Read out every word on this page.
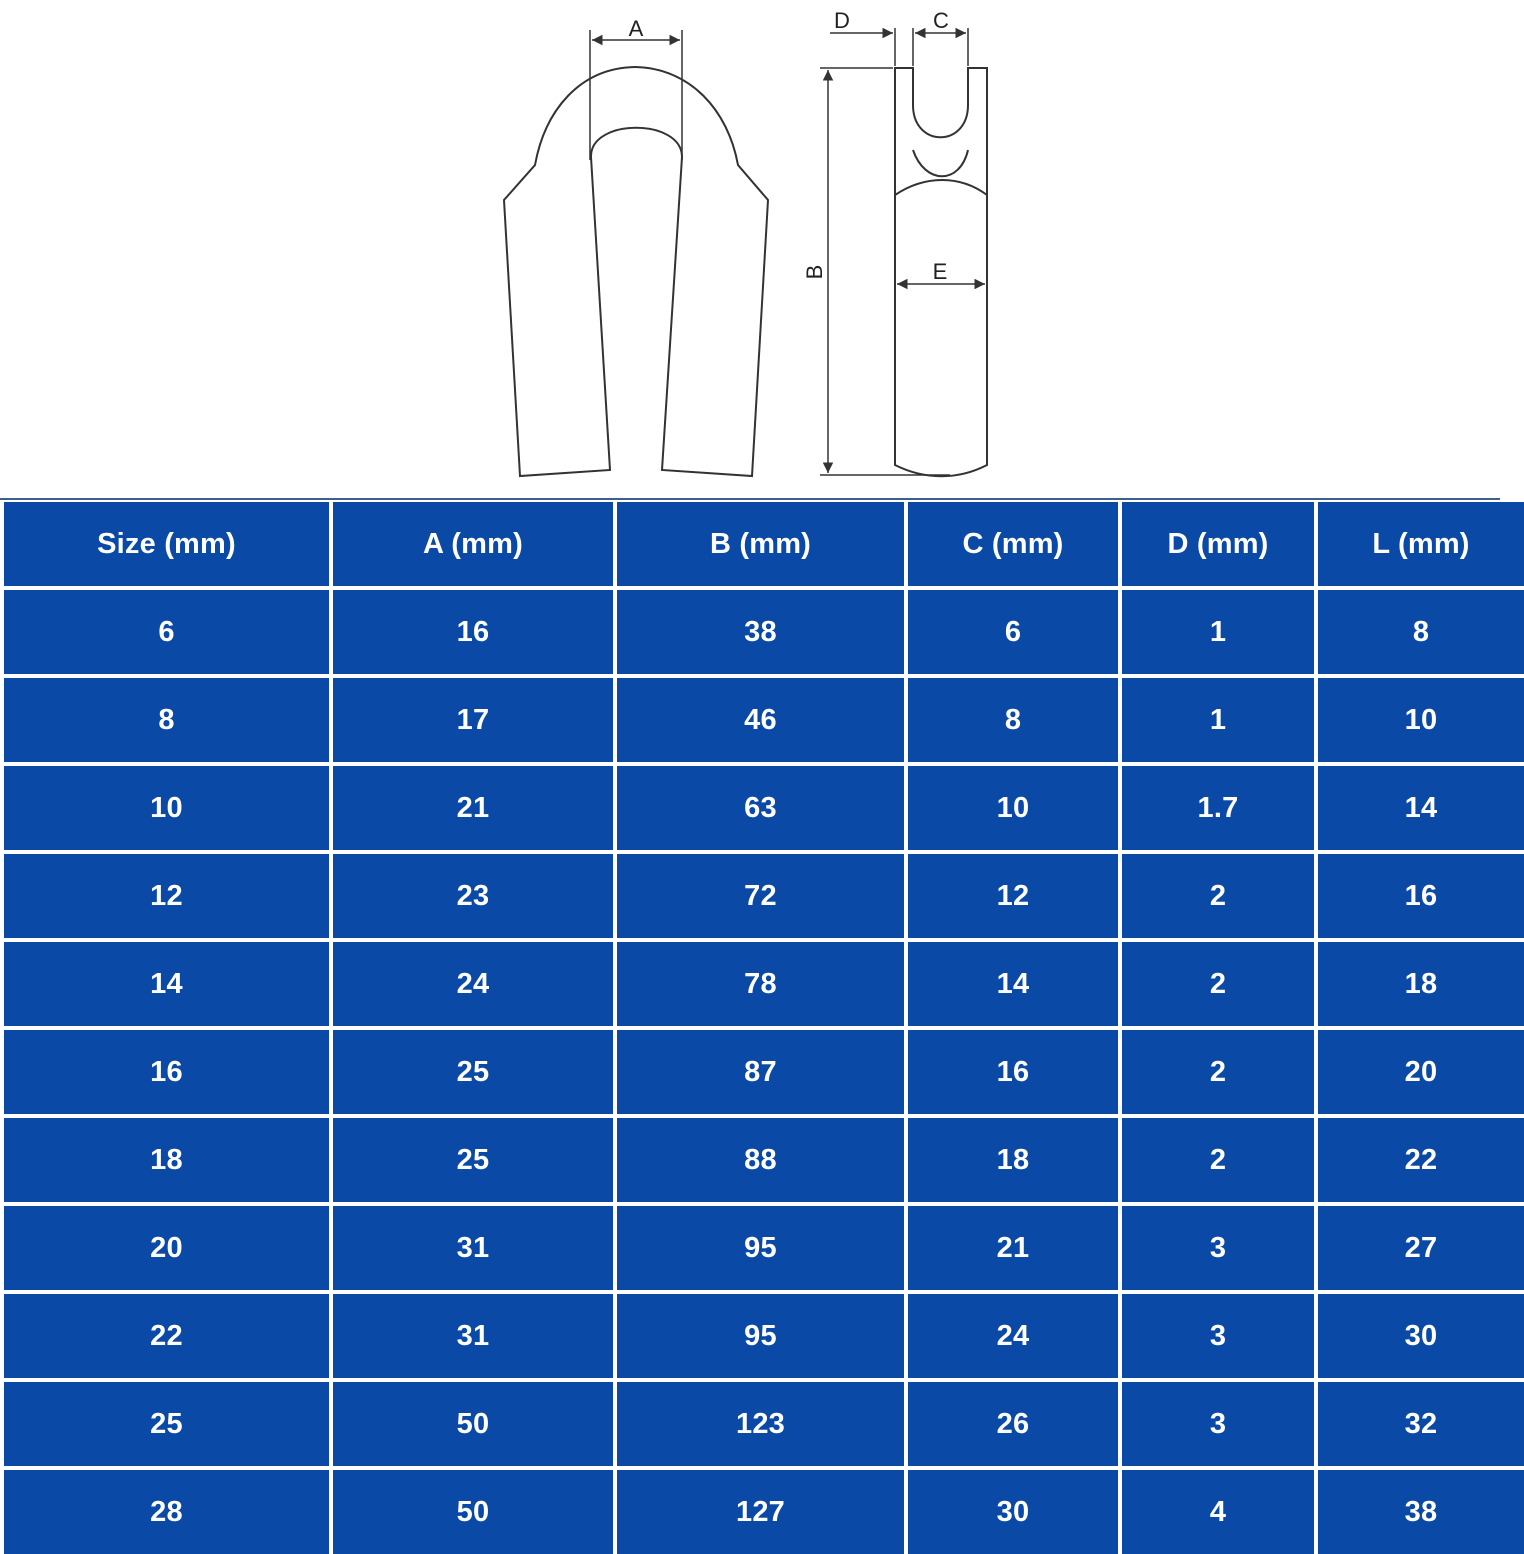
A
B
D	C
E
Size (mm)	A (mm)	B (mm)	C (mm)	D (mm)	L (mm)
6	16	38	6	1	8
8	17	46	8	1	10
10	21	63	10	1.7	14
12	23	72	12	2	16
14	24	78	14	2	18
16	25	87	16	2	20
18	25	88	18	2	22
20	31	95	21	3	27
22	31	95	24	3	30
25	50	123	26	3	32
28	50	127	30	4	38
